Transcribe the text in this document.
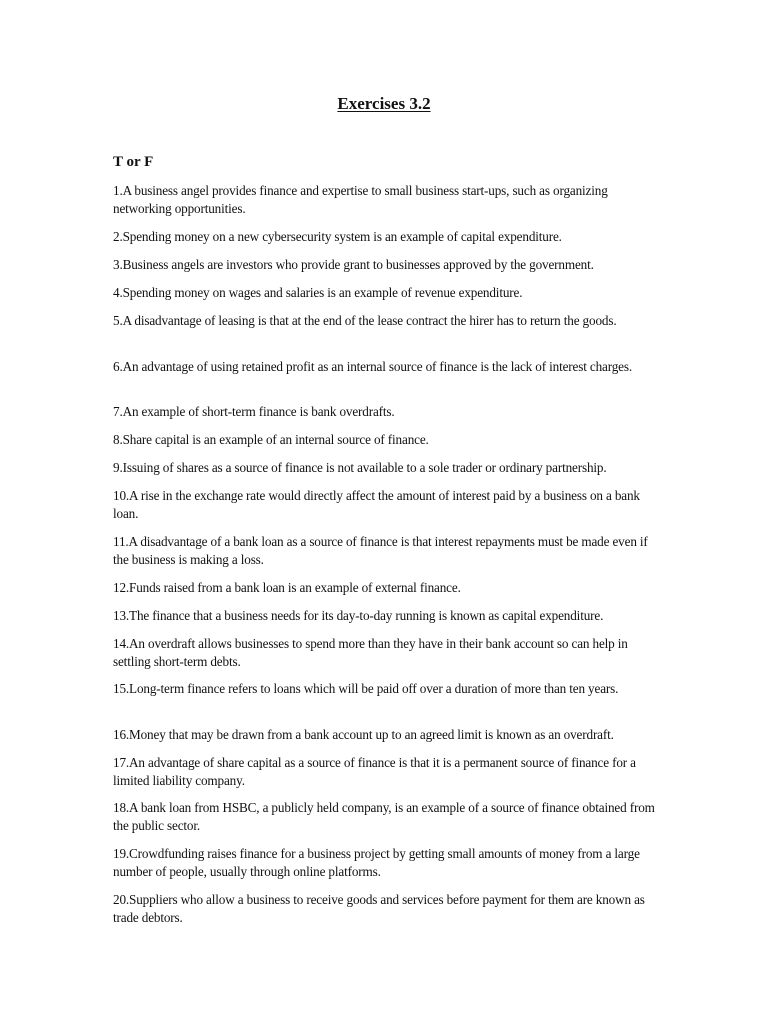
Exercises 3.2
T or F
1.A business angel provides finance and expertise to small business start-ups, such as organizing networking opportunities.
2.Spending money on a new cybersecurity system is an example of capital expenditure.
3.Business angels are investors who provide grant to businesses approved by the government.
4.Spending money on wages and salaries is an example of revenue expenditure.
5.A disadvantage of leasing is that at the end of the lease contract the hirer has to return the goods.
6.An advantage of using retained profit as an internal source of finance is the lack of interest charges.
7.An example of short-term finance is bank overdrafts.
8.Share capital is an example of an internal source of finance.
9.Issuing of shares as a source of finance is not available to a sole trader or ordinary partnership.
10.A rise in the exchange rate would directly affect the amount of interest paid by a business on a bank loan.
11.A disadvantage of a bank loan as a source of finance is that interest repayments must be made even if the business is making a loss.
12.Funds raised from a bank loan is an example of external finance.
13.The finance that a business needs for its day-to-day running is known as capital expenditure.
14.An overdraft allows businesses to spend more than they have in their bank account so can help in settling short-term debts.
15.Long-term finance refers to loans which will be paid off over a duration of more than ten years.
16.Money that may be drawn from a bank account up to an agreed limit is known as an overdraft.
17.An advantage of share capital as a source of finance is that it is a permanent source of finance for a limited liability company.
18.A bank loan from HSBC, a publicly held company, is an example of a source of finance obtained from the public sector.
19.Crowdfunding raises finance for a business project by getting small amounts of money from a large number of people, usually through online platforms.
20.Suppliers who allow a business to receive goods and services before payment for them are known as trade debtors.
